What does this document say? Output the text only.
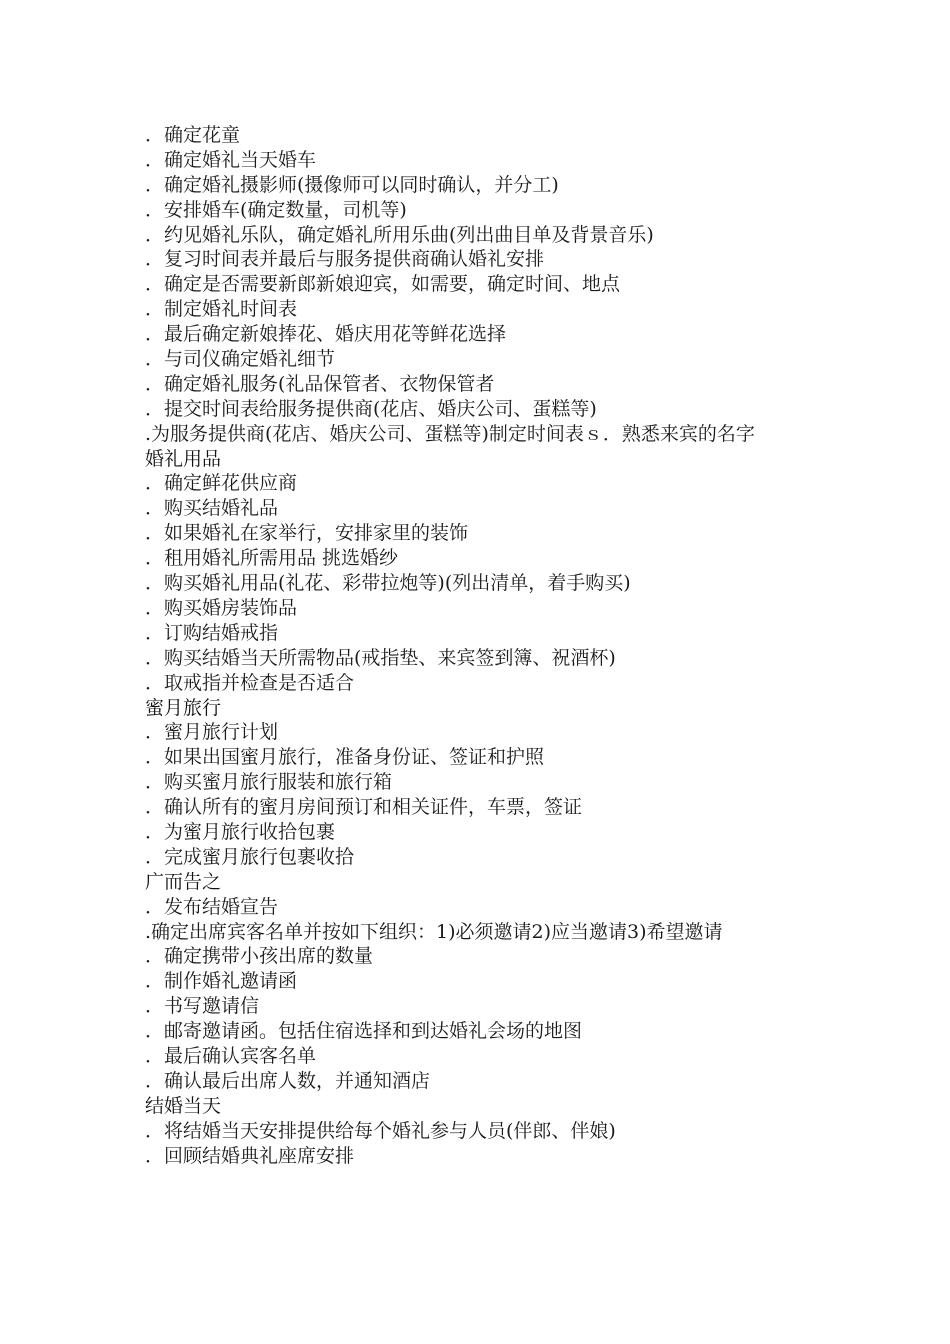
．确定花童
．确定婚礼当天婚车
．确定婚礼摄影师(摄像师可以同时确认，并分工)
．安排婚车(确定数量，司机等)
．约见婚礼乐队，确定婚礼所用乐曲(列出曲目单及背景音乐)
．复习时间表并最后与服务提供商确认婚礼安排
．确定是否需要新郎新娘迎宾，如需要，确定时间、地点
．制定婚礼时间表
．最后确定新娘捧花、婚庆用花等鲜花选择
．与司仪确定婚礼细节
．确定婚礼服务(礼品保管者、衣物保管者
．提交时间表给服务提供商(花店、婚庆公司、蛋糕等)
.为服务提供商(花店、婚庆公司、蛋糕等)制定时间表ｓ．熟悉来宾的名字
婚礼用品
．确定鲜花供应商
．购买结婚礼品
．如果婚礼在家举行，安排家里的装饰
．租用婚礼所需用品 挑选婚纱
．购买婚礼用品(礼花、彩带拉炮等)(列出清单，着手购买)
．购买婚房装饰品
．订购结婚戒指
．购买结婚当天所需物品(戒指垫、来宾签到簿、祝酒杯)
．取戒指并检查是否适合
蜜月旅行
．蜜月旅行计划
．如果出国蜜月旅行，准备身份证、签证和护照
．购买蜜月旅行服装和旅行箱
．确认所有的蜜月房间预订和相关证件，车票，签证
．为蜜月旅行收拾包裹
．完成蜜月旅行包裹收拾
广而告之
．发布结婚宣告
.确定出席宾客名单并按如下组织：1)必须邀请2)应当邀请3)希望邀请
．确定携带小孩出席的数量
．制作婚礼邀请函
．书写邀请信
．邮寄邀请函。包括住宿选择和到达婚礼会场的地图
．最后确认宾客名单
．确认最后出席人数，并通知酒店
结婚当天
．将结婚当天安排提供给每个婚礼参与人员(伴郎、伴娘)
．回顾结婚典礼座席安排
